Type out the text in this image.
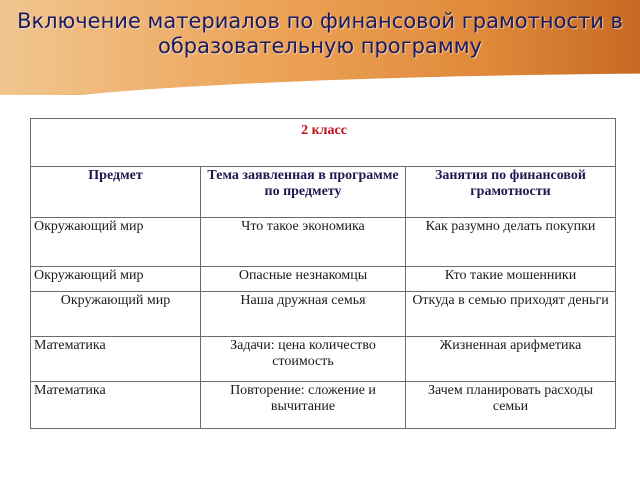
Включение материалов по финансовой грамотности в образовательную программу
2 класс		
Предмет	Тема заявленная в программе по предмету	Занятия по финансовой грамотности
Окружающий мир	Что такое экономика	Как разумно делать покупки
Окружающий мир	Опасные незнакомцы	Кто такие мошенники
Окружающий мир	Наша дружная семья	Откуда в семью приходят деньги
Математика	Задачи: цена количество стоимость	Жизненная арифметика
Математика	Повторение: сложение и вычитание	Зачем планировать расходы семьи
